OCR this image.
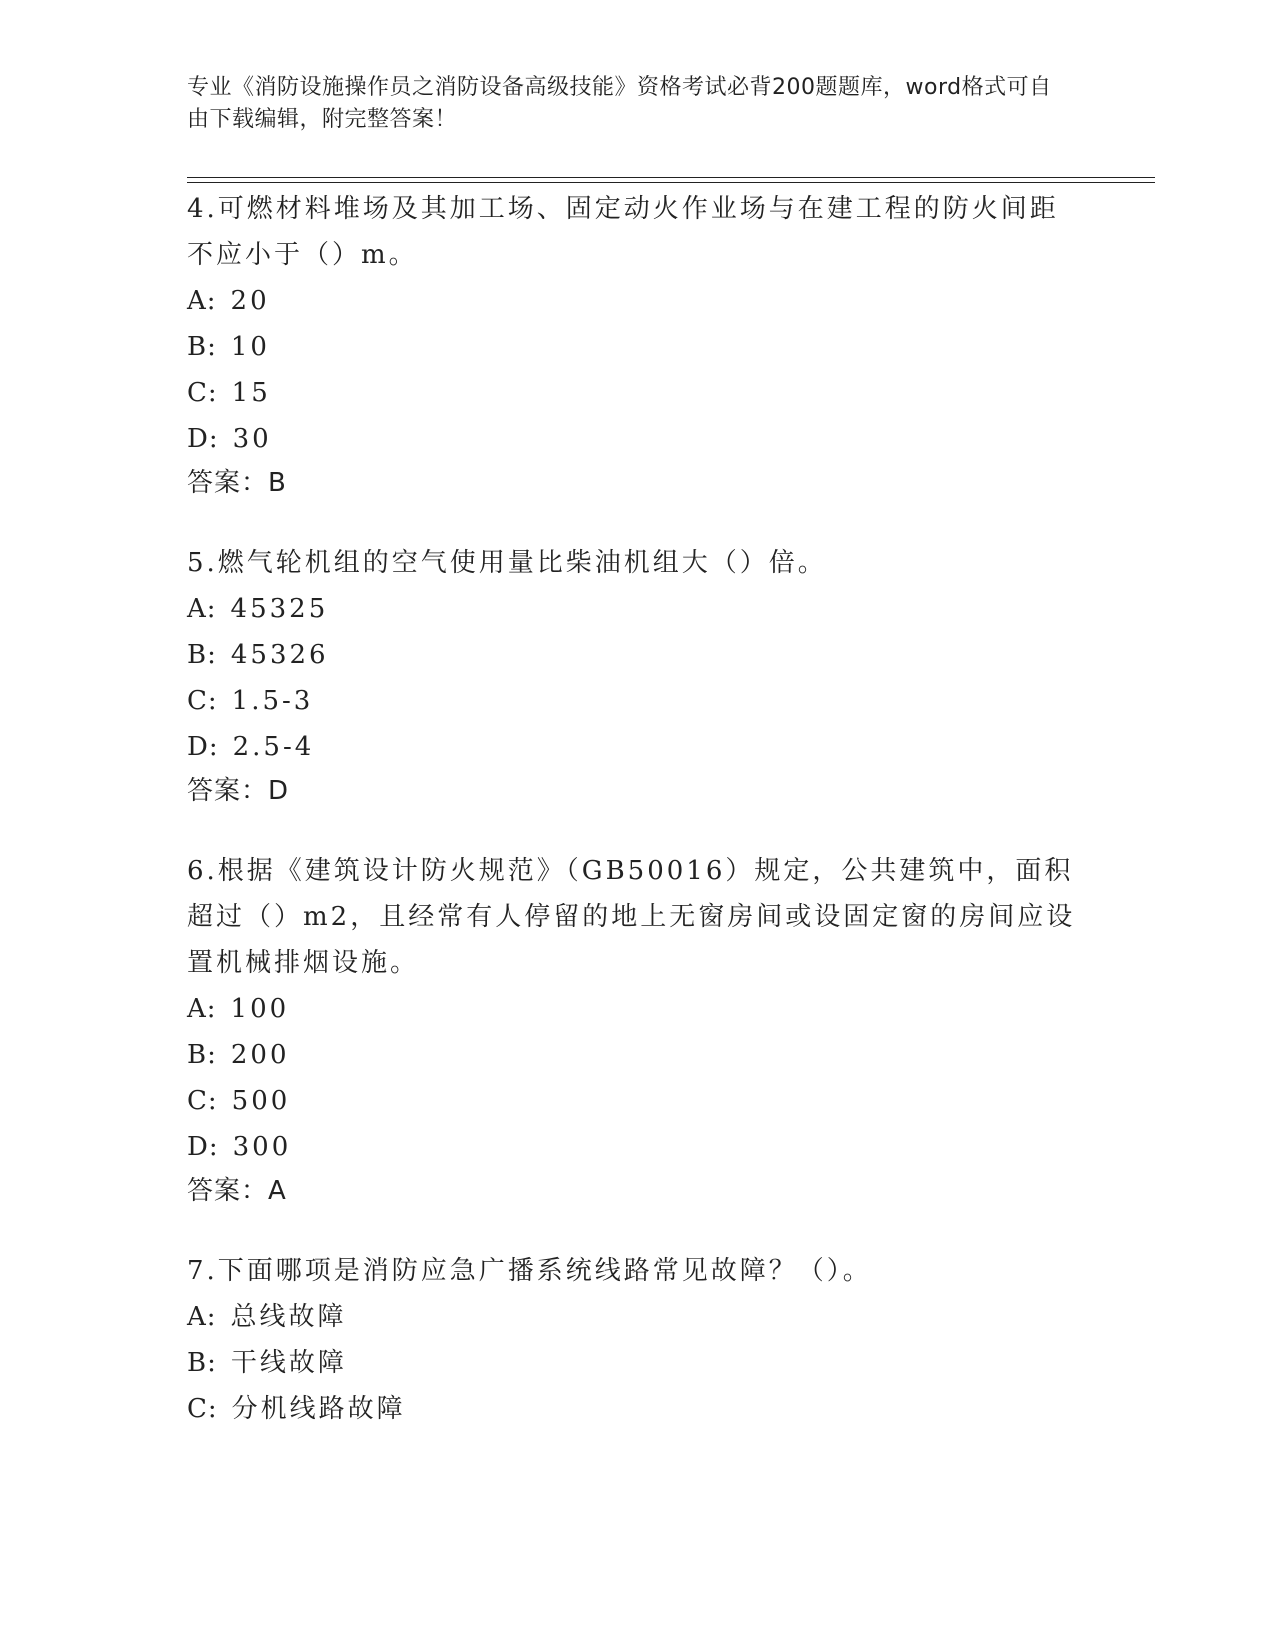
专业《消防设施操作员之消防设备高级技能》资格考试必背200题题库，word格式可自由下载编辑，附完整答案！
4.可燃材料堆场及其加工场、固定动火作业场与在建工程的防火间距不应小于（）m。
A: 20
B: 10
C: 15
D: 30
答案：B
5.燃气轮机组的空气使用量比柴油机组大（）倍。
A: 45325
B: 45326
C: 1.5-3
D: 2.5-4
答案：D
6.根据《建筑设计防火规范》（GB50016）规定，公共建筑中，面积超过（）m2，且经常有人停留的地上无窗房间或设固定窗的房间应设置机械排烟设施。
A: 100
B: 200
C: 500
D: 300
答案：A
7.下面哪项是消防应急广播系统线路常见故障？（）。
A: 总线故障
B: 干线故障
C: 分机线路故障
